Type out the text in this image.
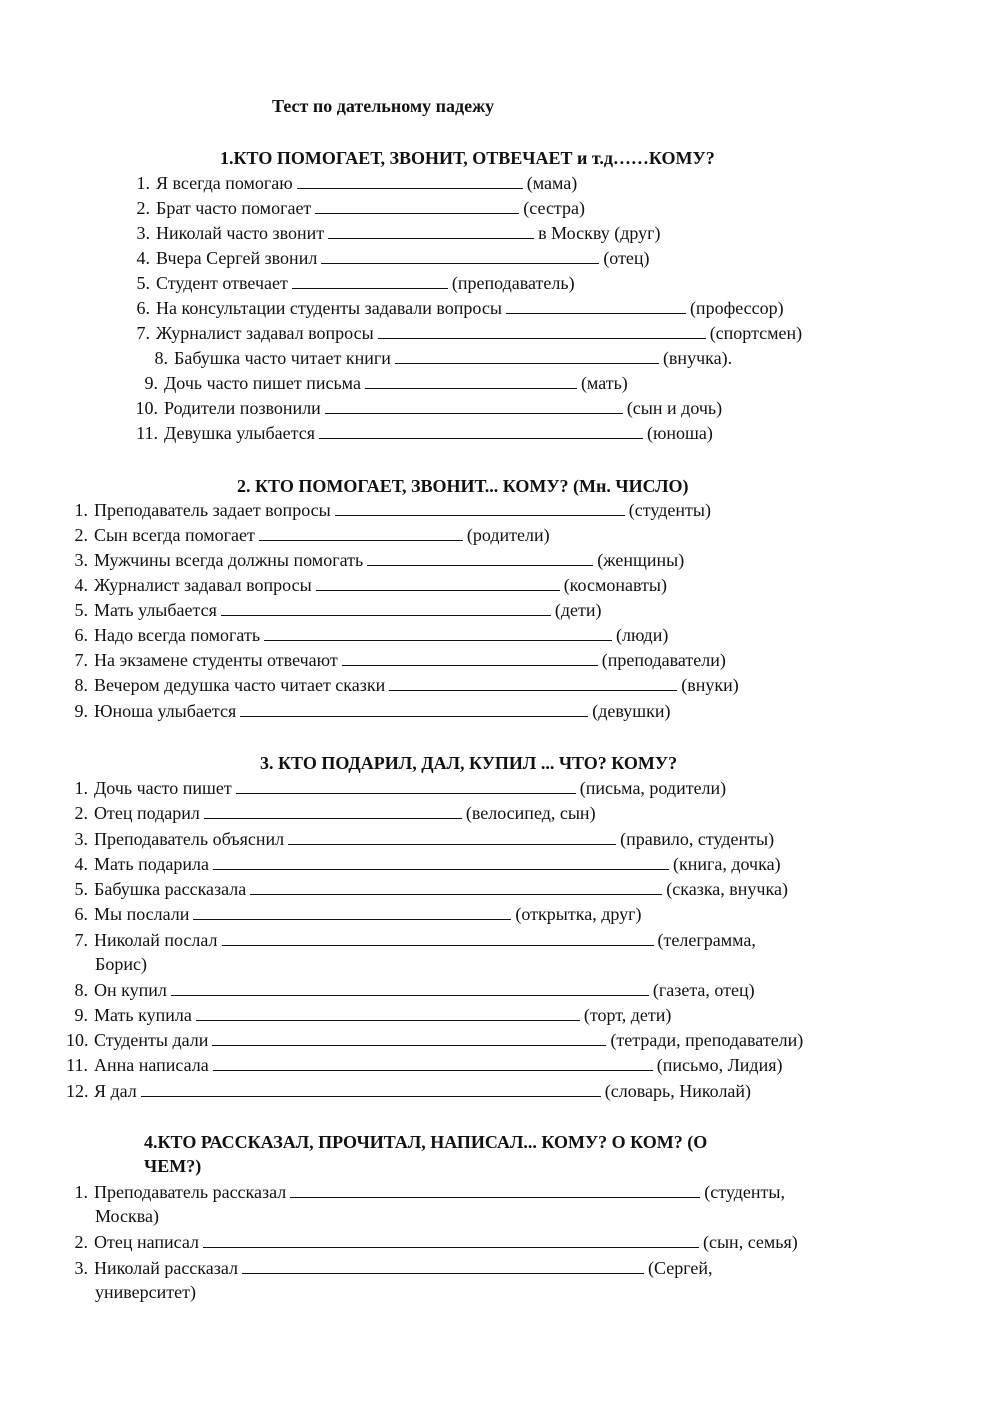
Тест по дательному падежу
1.КТО ПОМОГАЕТ, ЗВОНИТ, ОТВЕЧАЕТ и т.д……КОМУ?
1. Я всегда помогаю	(мама)
2. Брат часто помогает	(сестра)
3. Николай часто звонит	в Москву (друг)
4. Вчера Сергей звонил	(отец)
5. Студент отвечает	(преподаватель)
6. На консультации студенты задавали вопросы	(профессор)
7. Журналист задавал вопросы	(спортсмен)
8. Бабушка часто читает книги	(внучка).
9. Дочь часто пишет письма	(мать)
10. Родители позвонили	(сын и дочь)
11. Девушка улыбается	(юноша)
2. КТО ПОМОГАЕТ, ЗВОНИТ... КОМУ? (Мн. ЧИСЛО)
1. Преподаватель задает вопросы	(студенты)
2. Сын всегда помогает	(родители)
3. Мужчины всегда должны помогать	(женщины)
4. Журналист задавал вопросы	(космонавты)
5. Мать улыбается	(дети)
6. Надо всегда помогать	(люди)
7. На экзамене студенты отвечают	(преподаватели)
8. Вечером дедушка часто читает сказки	(внуки)
9. Юноша улыбается	(девушки)
3. КТО ПОДАРИЛ, ДАЛ, КУПИЛ ... ЧТО? КОМУ?
1. Дочь часто пишет	(письма, родители)
2. Отец подарил	(велосипед, сын)
3. Преподаватель объяснил	(правило, студенты)
4. Мать подарила	(книга, дочка)
5. Бабушка рассказала	(сказка, внучка)
6. Мы послали	(открытка, друг)
7. Николай послал	(телеграмма,
Борис)
8. Он купил	(газета, отец)
9. Мать купила	(торт, дети)
10. Студенты дали	(тетради, преподаватели)
11. Анна написала	(письмо, Лидия)
12. Я дал	(словарь, Николай)
4.КТО РАССКАЗАЛ, ПРОЧИТАЛ, НАПИСАЛ... КОМУ? О КОМ? (О
ЧЕМ?)
1. Преподаватель рассказал	(студенты,
Москва)
2. Отец написал	(сын, семья)
3. Николай рассказал	(Сергей,
университет)
